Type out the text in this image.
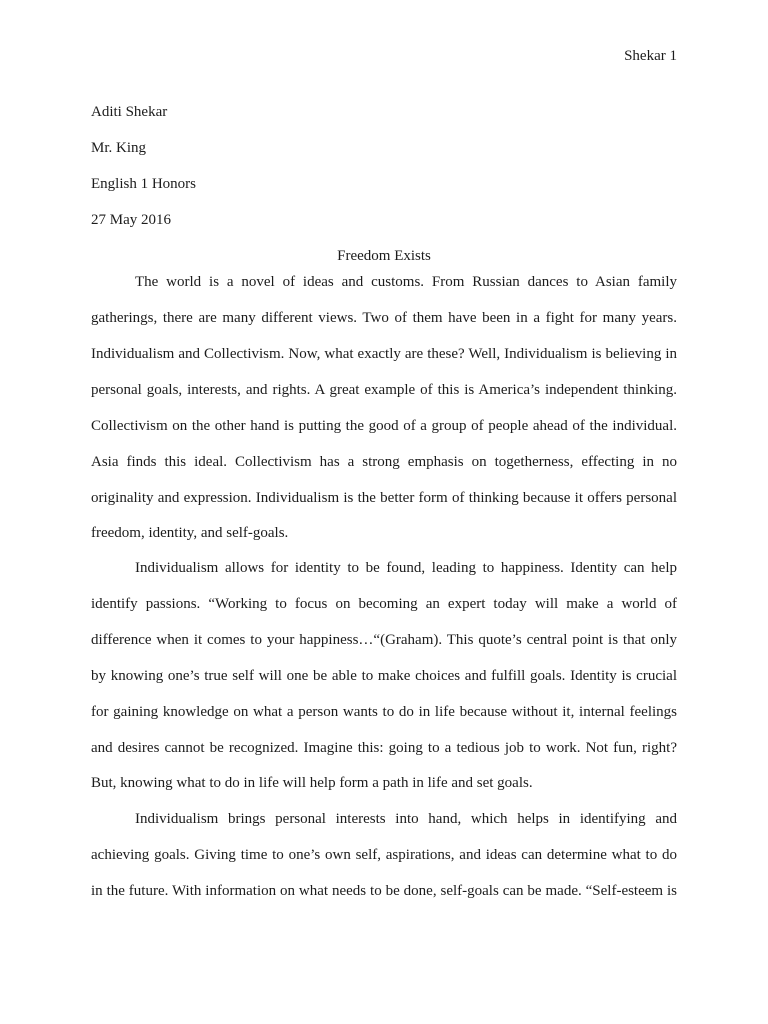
Shekar 1
Aditi Shekar
Mr. King
English 1 Honors
27 May 2016
Freedom Exists
The world is a novel of ideas and customs. From Russian dances to Asian family
gatherings, there are many different views. Two of them have been in a fight for many years.
Individualism and Collectivism. Now, what exactly are these? Well, Individualism is believing in
personal goals, interests, and rights. A great example of this is America’s independent thinking.
Collectivism on the other hand is putting the good of a group of people ahead of the individual.
Asia finds this ideal. Collectivism has a strong emphasis on togetherness, effecting in no
originality and expression. Individualism is the better form of thinking because it offers personal
freedom, identity, and self-goals.
Individualism allows for identity to be found, leading to happiness. Identity can help
identify passions. “Working to focus on becoming an expert today will make a world of
difference when it comes to your happiness…“(Graham). This quote’s central point is that only
by knowing one’s true self will one be able to make choices and fulfill goals. Identity is crucial
for gaining knowledge on what a person wants to do in life because without it, internal feelings
and desires cannot be recognized. Imagine this: going to a tedious job to work. Not fun, right?
But, knowing what to do in life will help form a path in life and set goals.
Individualism brings personal interests into hand, which helps in identifying and
achieving goals. Giving time to one’s own self, aspirations, and ideas can determine what to do
in the future. With information on what needs to be done, self-goals can be made. “Self-esteem is
